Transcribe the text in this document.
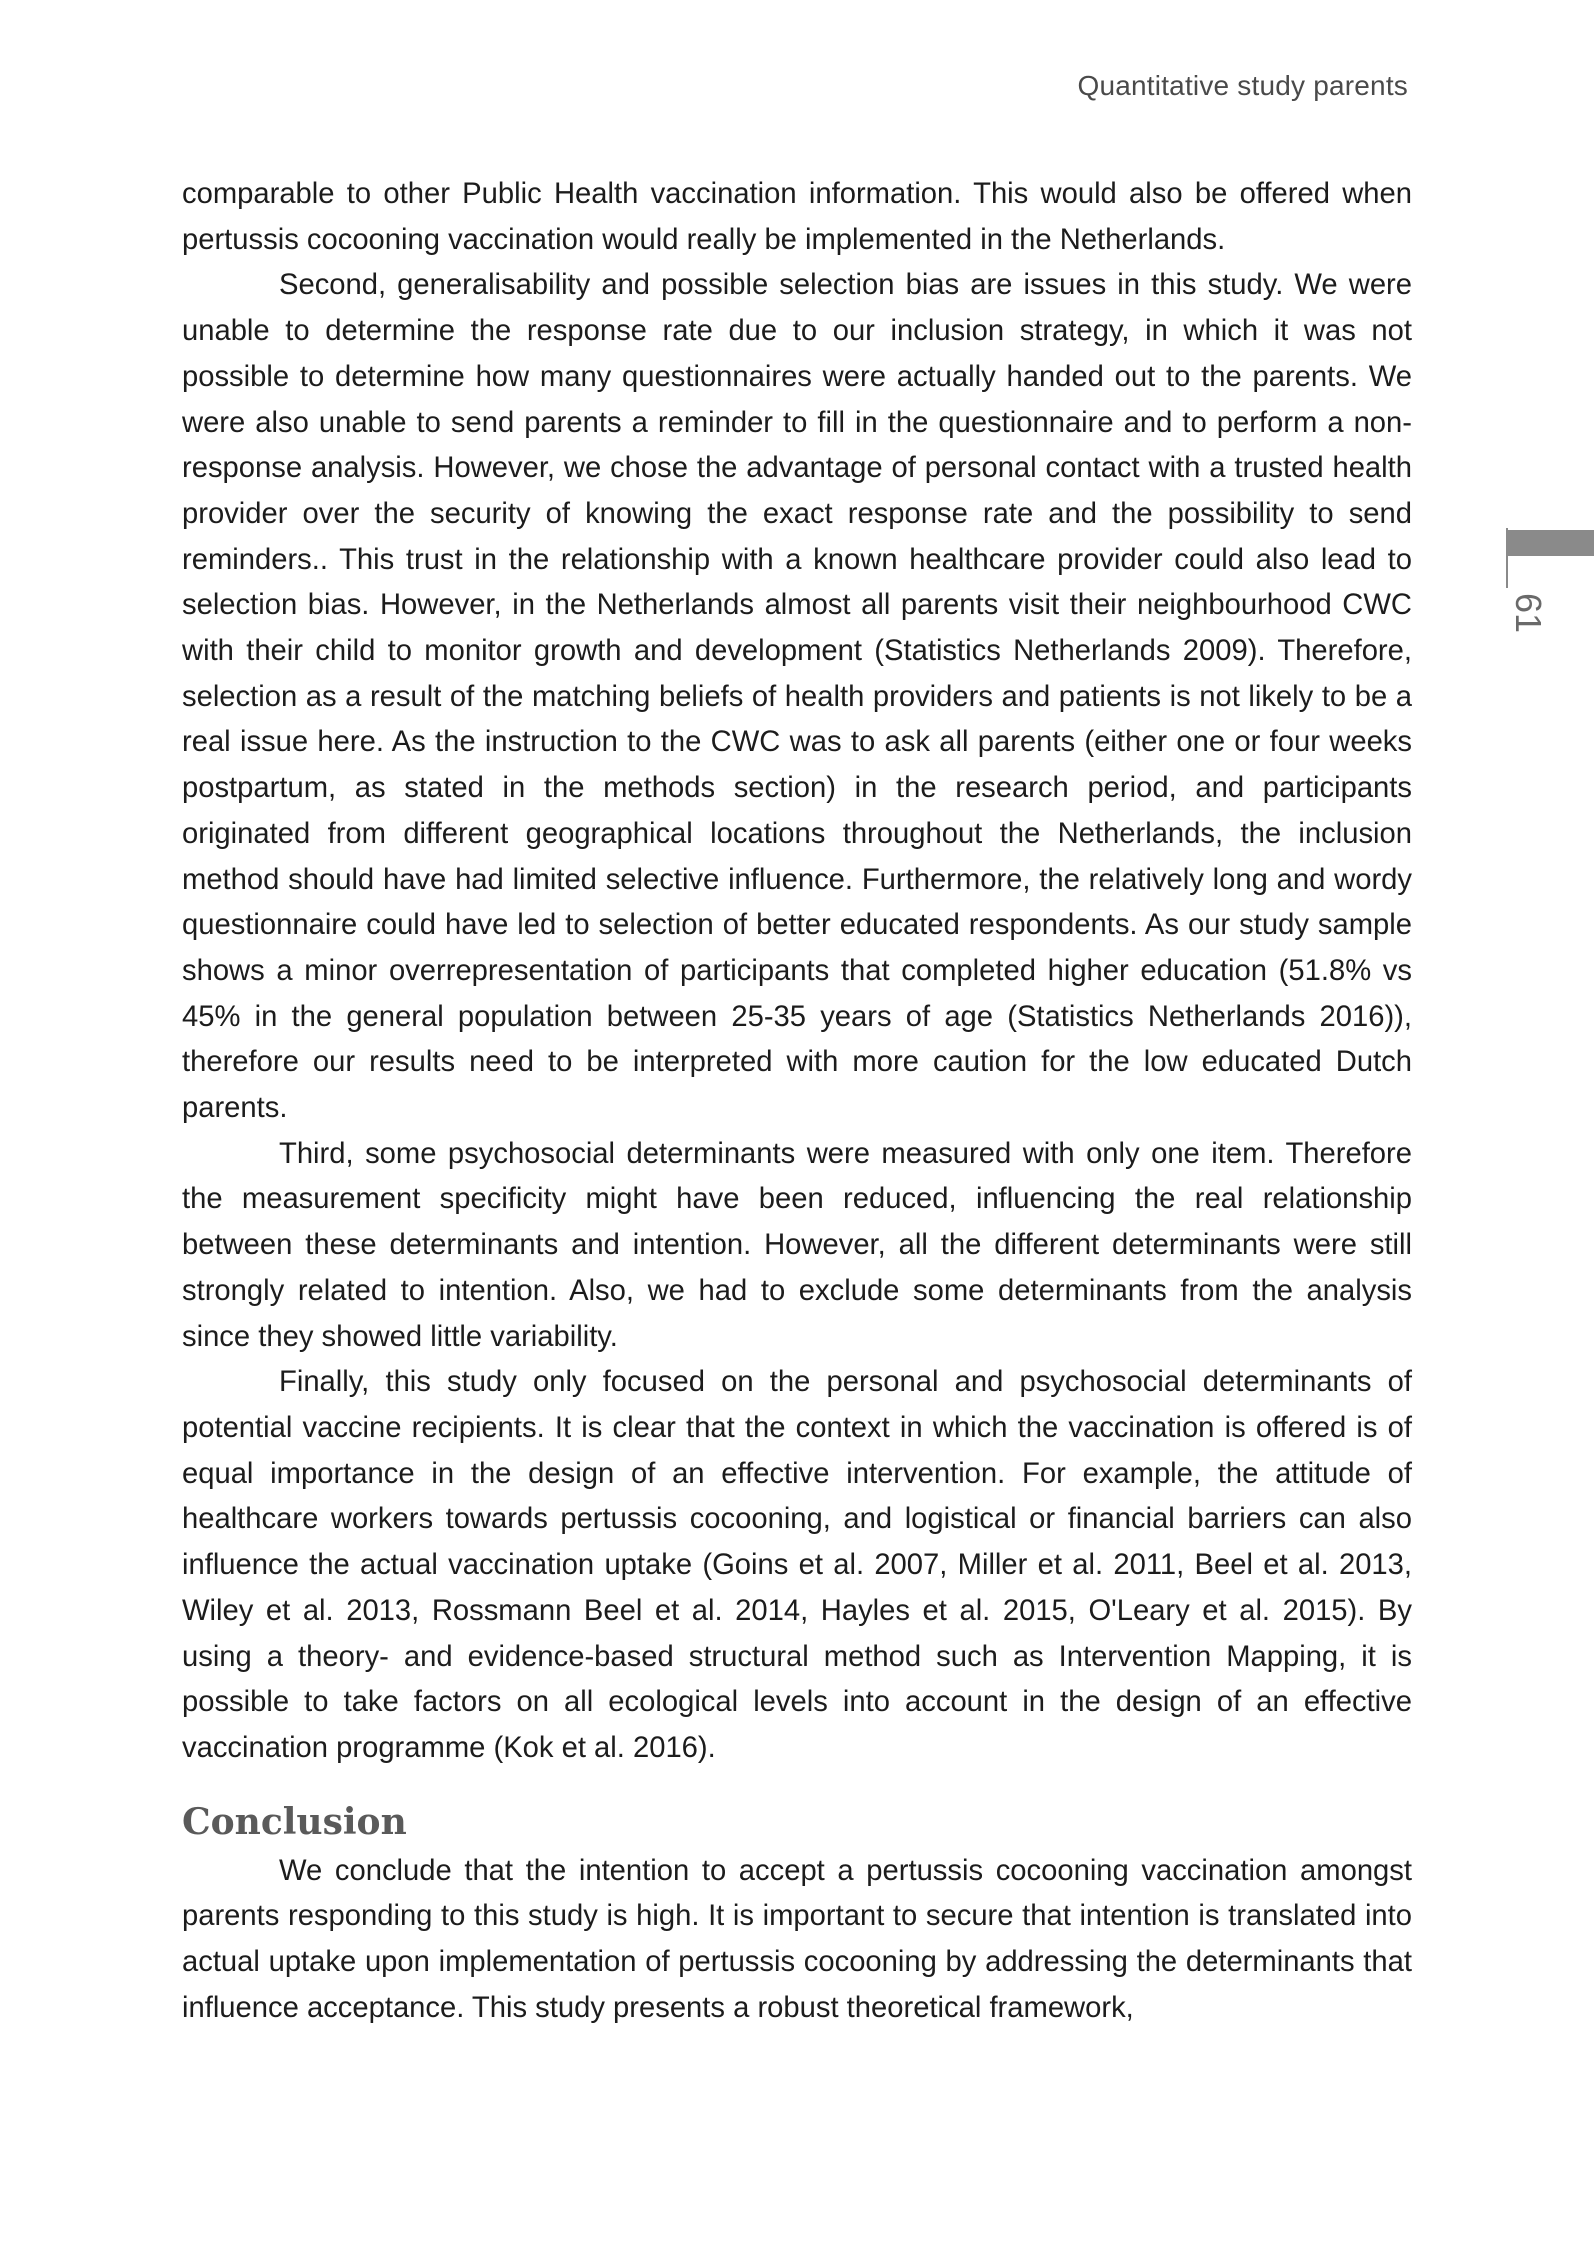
Quantitative study parents
61

comparable to other Public Health vaccination information. This would also be offered when pertussis cocooning vaccination would really be implemented in the Netherlands.

Second, generalisability and possible selection bias are issues in this study. We were unable to determine the response rate due to our inclusion strategy, in which it was not possible to determine how many questionnaires were actually handed out to the parents. We were also unable to send parents a reminder to fill in the questionnaire and to perform a non-response analysis. However, we chose the advantage of personal contact with a trusted health provider over the security of knowing the exact response rate and the possibility to send reminders.. This trust in the relationship with a known healthcare provider could also lead to selection bias. However, in the Netherlands almost all parents visit their neighbourhood CWC with their child to monitor growth and development (Statistics Netherlands 2009). Therefore, selection as a result of the matching beliefs of health providers and patients is not likely to be a real issue here. As the instruction to the CWC was to ask all parents (either one or four weeks postpartum, as stated in the methods section) in the research period, and participants originated from different geographical locations throughout the Netherlands, the inclusion method should have had limited selective influence. Furthermore, the relatively long and wordy questionnaire could have led to selection of better educated respondents. As our study sample shows a minor overrepresentation of participants that completed higher education (51.8% vs 45% in the general population between 25-35 years of age (Statistics Netherlands 2016)), therefore our results need to be interpreted with more caution for the low educated Dutch parents.

Third, some psychosocial determinants were measured with only one item. Therefore the measurement specificity might have been reduced, influencing the real relationship between these determinants and intention. However, all the different determinants were still strongly related to intention. Also, we had to exclude some determinants from the analysis since they showed little variability.

Finally, this study only focused on the personal and psychosocial determinants of potential vaccine recipients. It is clear that the context in which the vaccination is offered is of equal importance in the design of an effective intervention. For example, the attitude of healthcare workers towards pertussis cocooning, and logistical or financial barriers can also influence the actual vaccination uptake (Goins et al. 2007, Miller et al. 2011, Beel et al. 2013, Wiley et al. 2013, Rossmann Beel et al. 2014, Hayles et al. 2015, O'Leary et al. 2015). By using a theory- and evidence-based structural method such as Intervention Mapping, it is possible to take factors on all ecological levels into account in the design of an effective vaccination programme (Kok et al. 2016).

Conclusion

We conclude that the intention to accept a pertussis cocooning vaccination amongst parents responding to this study is high. It is important to secure that intention is translated into actual uptake upon implementation of pertussis cocooning by addressing the determinants that influence acceptance. This study presents a robust theoretical framework,
